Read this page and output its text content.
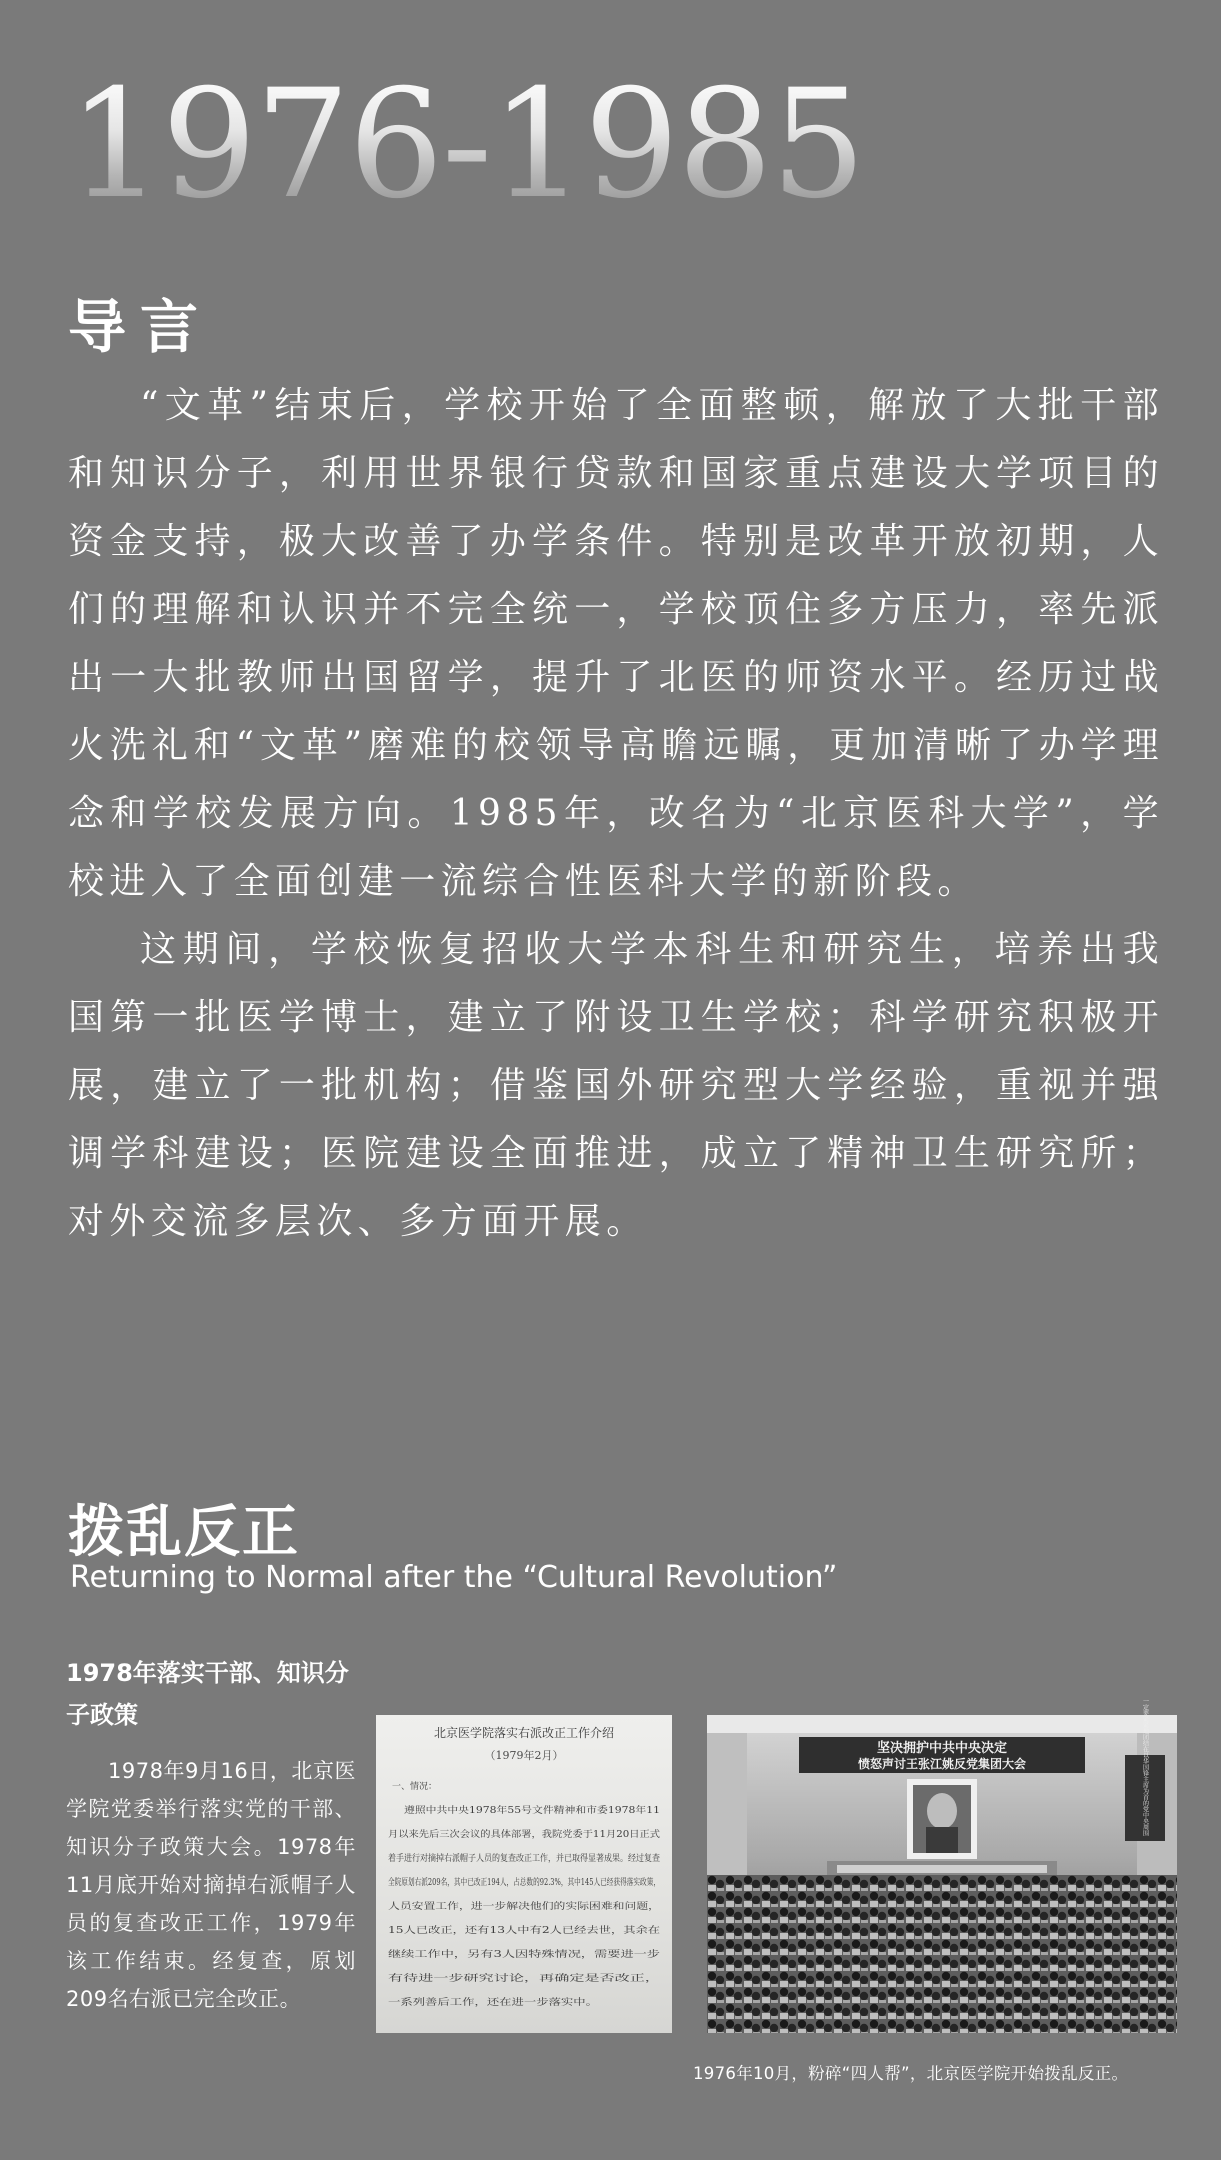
1976-1985
导言

“文革”结束后，学校开始了全面整顿，解放了大批干部和知识分子，利用世界银行贷款和国家重点建设大学项目的资金支持，极大改善了办学条件。特别是改革开放初期，人们的理解和认识并不完全统一，学校顶住多方压力，率先派出一大批教师出国留学，提升了北医的师资水平。经历过战火洗礼和“文革”磨难的校领导高瞻远瞩，更加清晰了办学理念和学校发展方向。1985年，改名为“北京医科大学”，学校进入了全面创建一流综合性医科大学的新阶段。

这期间，学校恢复招收大学本科生和研究生，培养出我国第一批医学博士，建立了附设卫生学校；科学研究积极开展，建立了一批机构；借鉴国外研究型大学经验，重视并强调学科建设；医院建设全面推进，成立了精神卫生研究所；对外交流多层次、多方面开展。

拨乱反正
Returning to Normal after the “Cultural Revolution”
1978年落实干部、知识分子政策

1978年9月16日，北京医学院党委举行落实党的干部、知识分子政策大会。1978年11月底开始对摘掉右派帽子人员的复查改正工作，1979年该工作结束。经复查，原划209名右派已完全改正。

北京医学院落实右派改正工作介绍
（1979年2月）
一、情况：
遵照中共中央1978年55号文件精神和市委1978年11
月以来先后三次会议的具体部署，我院党委于11月20日正式
着手进行对摘掉右派帽子人员的复查改正工作，并已取得显著成果。经过复查
全院原划右派209名，其中已改正194人，占总数的92.3%，其中145人已经获得落实政策，
人员安置工作，进一步解决他们的实际困难和问题，
15人已改正，还有13人中有2人已经去世，其余在
继续工作中，另有3人因特殊情况，需要进一步
有待进一步研究讨论，再确定是否改正，
一系列善后工作，还在进一步落实中。
坚决拥护中共中央决定
愤怒声讨王张江姚反党集团大会	一定要紧紧地团结在以华国锋主席为首的党中央周围
1976年10月，粉碎“四人帮”，北京医学院开始拨乱反正。
